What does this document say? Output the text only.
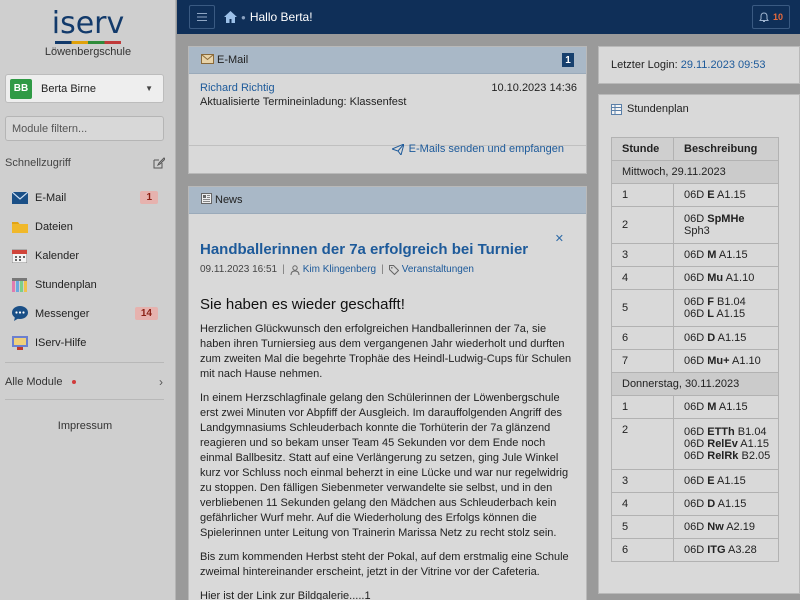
iserv
Löwenbergschule
BB	Berta Birne	▼
Module filtern...
Schnellzugriff
E-Mail	1
Dateien
Kalender
Stundenplan
Messenger	14
IServ-Hilfe
Alle Module	›
Impressum
● Hallo Berta!	10
E-Mail	1
Richard Richtig	10.10.2023 14:36
Aktualisierte Termineinladung: Klassenfest
E-Mails senden und empfangen
News
✕
Handballerinnen der 7a erfolgreich bei Turnier
09.11.2023 16:51 | Kim Klingenberg | Veranstaltungen
Sie haben es wieder geschafft!

Herzlichen Glückwunsch den erfolgreichen Handballerinnen der 7a, sie haben ihren Turniersieg aus dem vergangenen Jahr wiederholt und durften zum zweiten Mal die begehrte Trophäe des Heindl-Ludwig-Cups für Schulen mit nach Hause nehmen.

In einem Herzschlagfinale gelang den Schülerinnen der Löwenbergschule erst zwei Minuten vor Abpfiff der Ausgleich. Im darauffolgenden Angriff des Landgymnasiums Schleuderbach konnte die Torhüterin der 7a glänzend reagieren und so bekam unser Team 45 Sekunden vor dem Ende noch einmal Ballbesitz. Statt auf eine Verlängerung zu setzen, ging Jule Winkel kurz vor Schluss noch einmal beherzt in eine Lücke und war nur regelwidrig zu stoppen. Den fälligen Siebenmeter verwandelte sie selbst, und in den verbliebenen 11 Sekunden gelang den Mädchen aus Schleuderbach kein gefährlicher Wurf mehr. Auf die Wiederholung des Erfolgs können die Spielerinnen unter Leitung von Trainerin Marissa Netz zu recht stolz sein.

Bis zum kommenden Herbst steht der Pokal, auf dem erstmalig eine Schule zweimal hintereinander erscheint, jetzt in der Vitrine vor der Cafeteria.

Hier ist der Link zur Bildgalerie.....1

Letzter Login: 29.11.2023 09:53
Stundenplan
Stunde	Beschreibung
Mittwoch, 29.11.2023	
1	06D E A1.15
2	06D SpMHe
Sph3
3	06D M A1.15
4	06D Mu A1.10
5	06D F B1.04
06D L A1.15
6	06D D A1.15
7	06D Mu+ A1.10
Donnerstag, 30.11.2023	
1	06D M A1.15
2	06D ETTh B1.04
06D RelEv A1.15
06D RelRk B2.05
3	06D E A1.15
4	06D D A1.15
5	06D Nw A2.19
6	06D ITG A3.28
